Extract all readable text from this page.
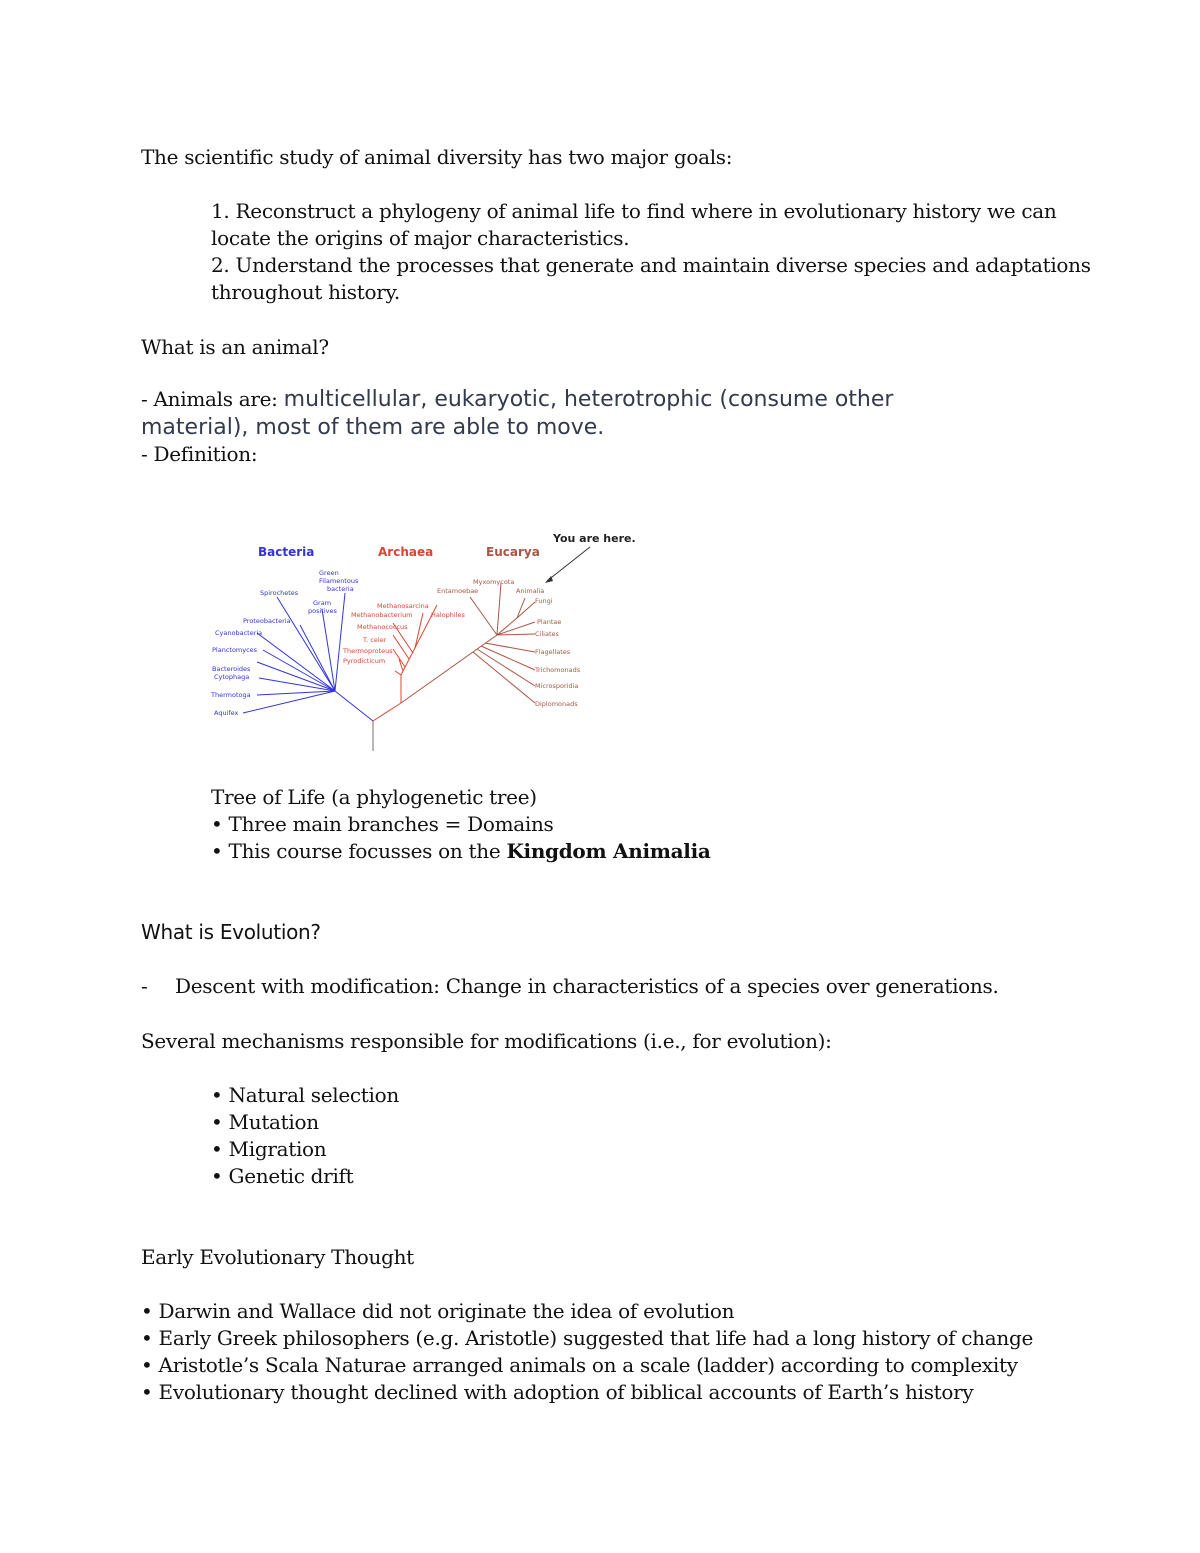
The scientific study of animal diversity has two major goals:
1. Reconstruct a phylogeny of animal life to find where in evolutionary history we can
locate the origins of major characteristics.
2. Understand the processes that generate and maintain diverse species and adaptations
throughout history.
What is an animal?
- Animals are: multicellular, eukaryotic, heterotrophic (consume other
material), most of them are able to move.
- Definition:
Bacteria	Archaea	Eucarya
You are here.
Green
Filamentous
bacteria
Spirochetes
Gram
positives
Proteobacteria
Cyanobacteria
Planctomyces
Bacteroides
Cytophaga
Thermotoga
Aquifex
Methanosarcina
Methanobacterium	Halophiles
Methanococcus
T. celer
Thermoproteus
Pyrodicticum
Myxomycota
Entamoebae	Animalia
Fungi
Plantae
Ciliates
Flagellates
Trichomonads
Microsporidia
Diplomonads
Tree of Life (a phylogenetic tree)
• Three main branches = Domains
• This course focusses on the Kingdom Animalia
What is Evolution?
- Descent with modification: Change in characteristics of a species over generations.
Several mechanisms responsible for modifications (i.e., for evolution):
• Natural selection
• Mutation
• Migration
• Genetic drift
Early Evolutionary Thought
• Darwin and Wallace did not originate the idea of evolution
• Early Greek philosophers (e.g. Aristotle) suggested that life had a long history of change
• Aristotle’s Scala Naturae arranged animals on a scale (ladder) according to complexity
• Evolutionary thought declined with adoption of biblical accounts of Earth’s history
